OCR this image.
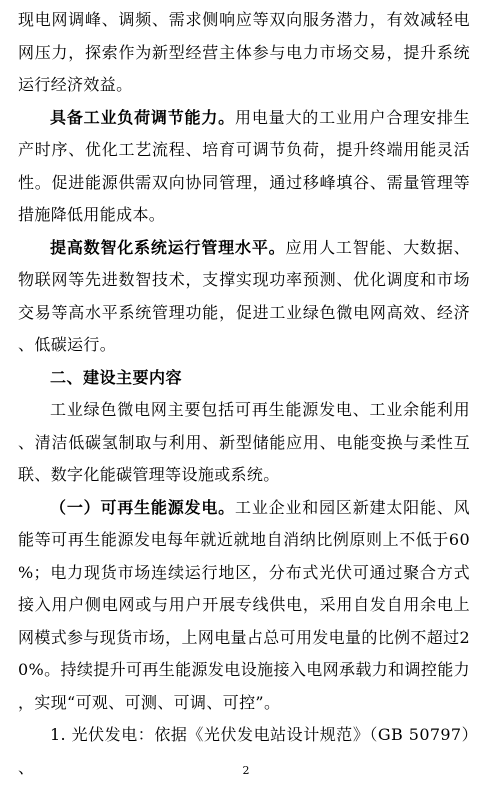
现电网调峰、调频、需求侧响应等双向服务潜力，有效减轻电网压力，探索作为新型经营主体参与电力市场交易，提升系统运行经济效益。

具备工业负荷调节能力。用电量大的工业用户合理安排生产时序、优化工艺流程、培育可调节负荷，提升终端用能灵活性。促进能源供需双向协同管理，通过移峰填谷、需量管理等措施降低用能成本。

提高数智化系统运行管理水平。应用人工智能、大数据、物联网等先进数智技术，支撑实现功率预测、优化调度和市场交易等高水平系统管理功能，促进工业绿色微电网高效、经济、低碳运行。

二、建设主要内容

工业绿色微电网主要包括可再生能源发电、工业余能利用、清洁低碳氢制取与利用、新型储能应用、电能变换与柔性互联、数字化能碳管理等设施或系统。

（一）可再生能源发电。工业企业和园区新建太阳能、风能等可再生能源发电每年就近就地自消纳比例原则上不低于60%；电力现货市场连续运行地区，分布式光伏可通过聚合方式接入用户侧电网或与用户开展专线供电，采用自发自用余电上网模式参与现货市场，上网电量占总可用发电量的比例不超过20%。持续提升可再生能源发电设施接入电网承载力和调控能力，实现“可观、可测、可调、可控”。

1. 光伏发电：依据《光伏发电站设计规范》（GB 50797）、	2
